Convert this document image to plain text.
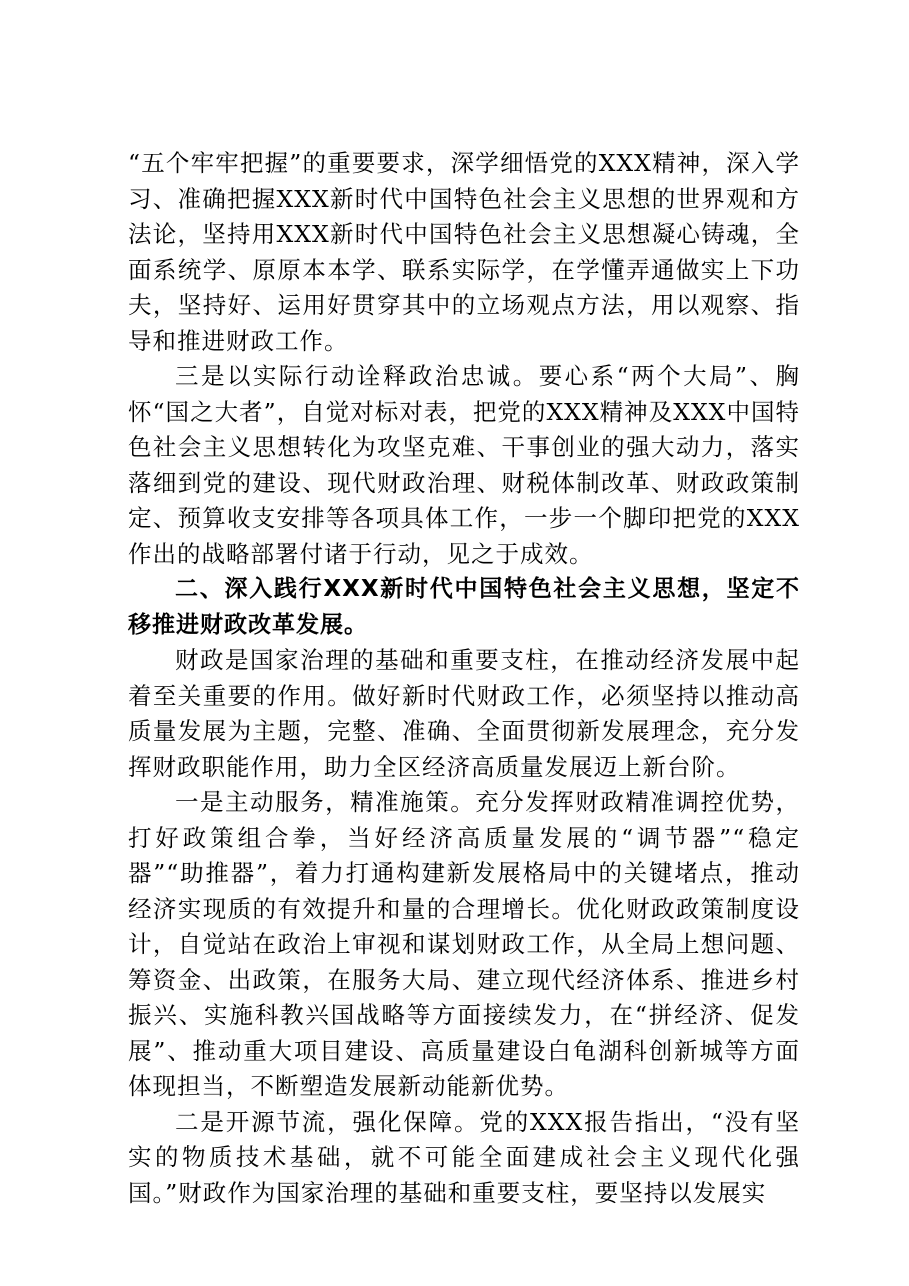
“五个牢牢把握”的重要要求，深学细悟党的XXX精神，深入学习、准确把握XXX新时代中国特色社会主义思想的世界观和方法论，坚持用XXX新时代中国特色社会主义思想凝心铸魂，全面系统学、原原本本学、联系实际学，在学懂弄通做实上下功夫，坚持好、运用好贯穿其中的立场观点方法，用以观察、指导和推进财政工作。

三是以实际行动诠释政治忠诚。要心系“两个大局”、胸怀“国之大者”，自觉对标对表，把党的XXX精神及XXX中国特色社会主义思想转化为攻坚克难、干事创业的强大动力，落实落细到党的建设、现代财政治理、财税体制改革、财政政策制定、预算收支安排等各项具体工作，一步一个脚印把党的XXX作出的战略部署付诸于行动，见之于成效。

二、深入践行XXX新时代中国特色社会主义思想，坚定不移推进财政改革发展。

财政是国家治理的基础和重要支柱，在推动经济发展中起着至关重要的作用。做好新时代财政工作，必须坚持以推动高质量发展为主题，完整、准确、全面贯彻新发展理念，充分发挥财政职能作用，助力全区经济高质量发展迈上新台阶。

一是主动服务，精准施策。充分发挥财政精准调控优势，打好政策组合拳，当好经济高质量发展的“调节器”“稳定器”“助推器”，着力打通构建新发展格局中的关键堵点，推动经济实现质的有效提升和量的合理增长。优化财政政策制度设计，自觉站在政治上审视和谋划财政工作，从全局上想问题、筹资金、出政策，在服务大局、建立现代经济体系、推进乡村振兴、实施科教兴国战略等方面接续发力，在“拼经济、促发展”、推动重大项目建设、高质量建设白龟湖科创新城等方面体现担当，不断塑造发展新动能新优势。

二是开源节流，强化保障。党的XXX报告指出，“没有坚实的物质技术基础，就不可能全面建成社会主义现代化强国。”财政作为国家治理的基础和重要支柱，要坚持以发展实
